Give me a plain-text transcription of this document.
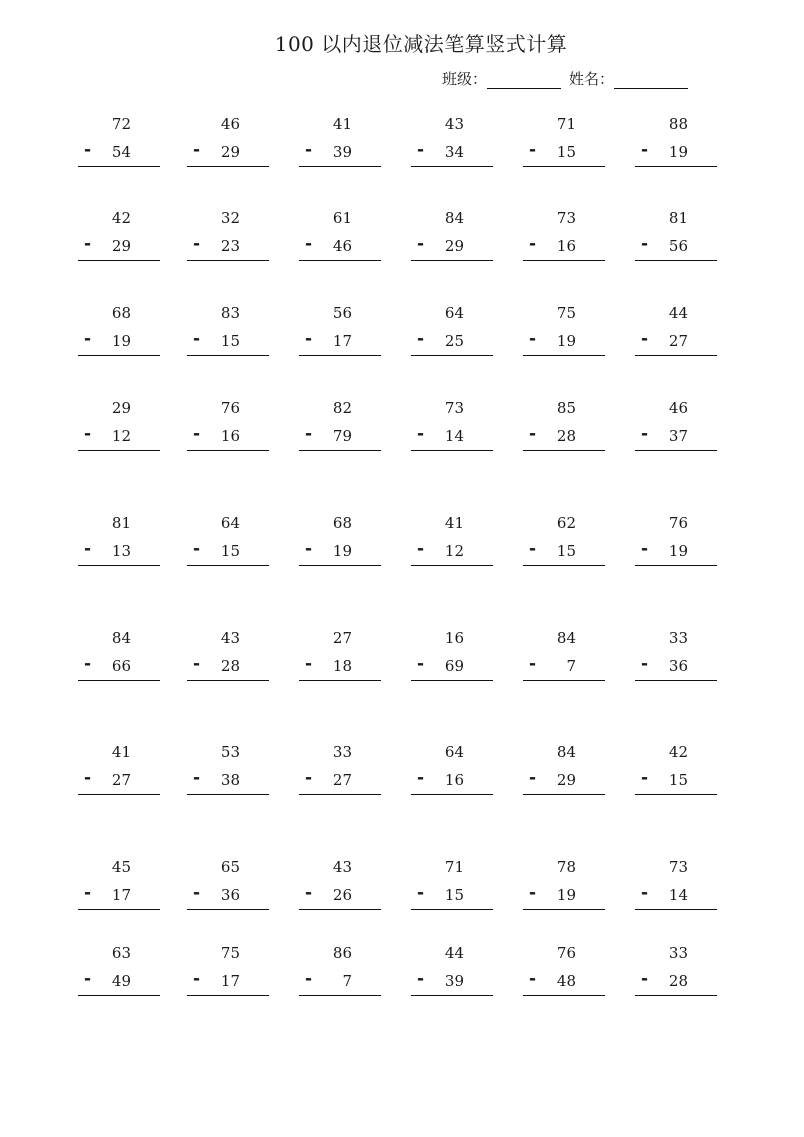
100 以内退位减法笔算竖式计算
班级：	姓名：
72
-	54
46
-	29
41
-	39
43
-	34
71
-	15
88
-	19
42
-	29
32
-	23
61
-	46
84
-	29
73
-	16
81
-	56
68
-	19
83
-	15
56
-	17
64
-	25
75
-	19
44
-	27
29
-	12
76
-	16
82
-	79
73
-	14
85
-	28
46
-	37
81
-	13
64
-	15
68
-	19
41
-	12
62
-	15
76
-	19
84
-	66
43
-	28
27
-	18
16
-	69
84
-	7
33
-	36
41
-	27
53
-	38
33
-	27
64
-	16
84
-	29
42
-	15
45
-	17
65
-	36
43
-	26
71
-	15
78
-	19
73
-	14
63
-	49
75
-	17
86
-	7
44
-	39
76
-	48
33
-	28
